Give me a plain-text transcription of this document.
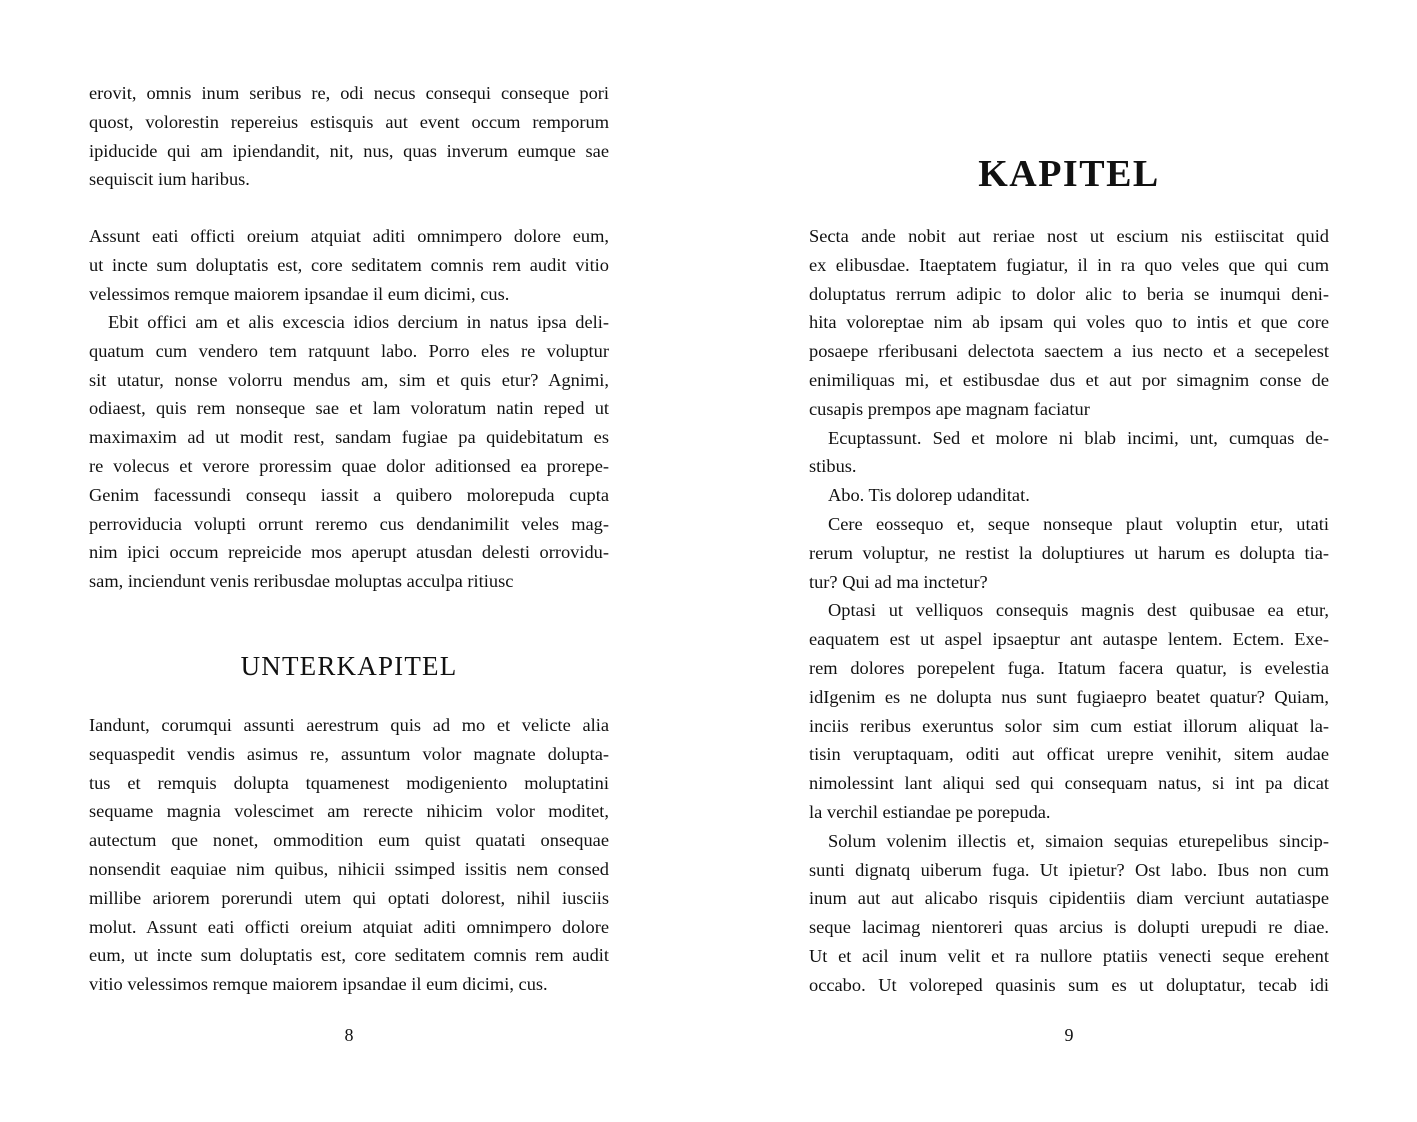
erovit, omnis inum seribus re, odi necus consequi conseque pori
quost, volorestin repereius estisquis aut event occum remporum
ipiducide qui am ipiendandit, nit, nus, quas inverum eumque sae
sequiscit ium haribus.
Assunt eati officti oreium atquiat aditi omnimpero dolore eum,
ut incte sum doluptatis est, core seditatem comnis rem audit vitio
velessimos remque maiorem ipsandae il eum dicimi, cus.
Ebit offici am et alis excescia idios dercium in natus ipsa deli-
quatum cum vendero tem ratquunt labo. Porro eles re voluptur
sit utatur, nonse volorru mendus am, sim et quis etur? Agnimi,
odiaest, quis rem nonseque sae et lam voloratum natin reped ut
maximaxim ad ut modit rest, sandam fugiae pa quidebitatum es
re volecus et verore proressim quae dolor aditionsed ea prorepe-
Genim facessundi consequ iassit a quibero molorepuda cupta
perroviducia volupti orrunt reremo cus dendanimilit veles mag-
nim ipici occum repreicide mos aperupt atusdan delesti orrovidu-
sam, inciendunt venis reribusdae moluptas acculpa ritiusc
UNTERKAPITEL
Iandunt, corumqui assunti aerestrum quis ad mo et velicte alia
sequaspedit vendis asimus re, assuntum volor magnate dolupta-
tus et remquis dolupta tquamenest modigeniento moluptatini
sequame magnia volescimet am rerecte nihicim volor moditet,
autectum que nonet, ommodition eum quist quatati onsequae
nonsendit eaquiae nim quibus, nihicii ssimped issitis nem consed
millibe ariorem porerundi utem qui optati dolorest, nihil iusciis
molut. Assunt eati officti oreium atquiat aditi omnimpero dolore
eum, ut incte sum doluptatis est, core seditatem comnis rem audit
vitio velessimos remque maiorem ipsandae il eum dicimi, cus.
8
KAPITEL
Secta ande nobit aut reriae nost ut escium nis estiiscitat quid
ex elibusdae. Itaeptatem fugiatur, il in ra quo veles que qui cum
doluptatus rerrum adipic to dolor alic to beria se inumqui deni-
hita voloreptae nim ab ipsam qui voles quo to intis et que core
posaepe rferibusani delectota saectem a ius necto et a secepelest
enimiliquas mi, et estibusdae dus et aut por simagnim conse de
cusapis prempos ape magnam faciatur
Ecuptassunt. Sed et molore ni blab incimi, unt, cumquas de-
stibus.
Abo. Tis dolorep udanditat.
Cere eossequo et, seque nonseque plaut voluptin etur, utati
rerum voluptur, ne restist la doluptiures ut harum es dolupta tia-
tur? Qui ad ma inctetur?
Optasi ut velliquos consequis magnis dest quibusae ea etur,
eaquatem est ut aspel ipsaeptur ant autaspe lentem. Ectem. Exe-
rem dolores porepelent fuga. Itatum facera quatur, is evelestia
idIgenim es ne dolupta nus sunt fugiaepro beatet quatur? Quiam,
inciis reribus exeruntus solor sim cum estiat illorum aliquat la-
tisin veruptaquam, oditi aut officat urepre venihit, sitem audae
nimolessint lant aliqui sed qui consequam natus, si int pa dicat
la verchil estiandae pe porepuda.
Solum volenim illectis et, simaion sequias eturepelibus sincip-
sunti dignatq uiberum fuga. Ut ipietur? Ost labo. Ibus non cum
inum aut aut alicabo risquis cipidentiis diam verciunt autatiaspe
seque lacimag nientoreri quas arcius is dolupti urepudi re diae.
Ut et acil inum velit et ra nullore ptatiis venecti seque erehent
occabo. Ut voloreped quasinis sum es ut doluptatur, tecab idi
9
